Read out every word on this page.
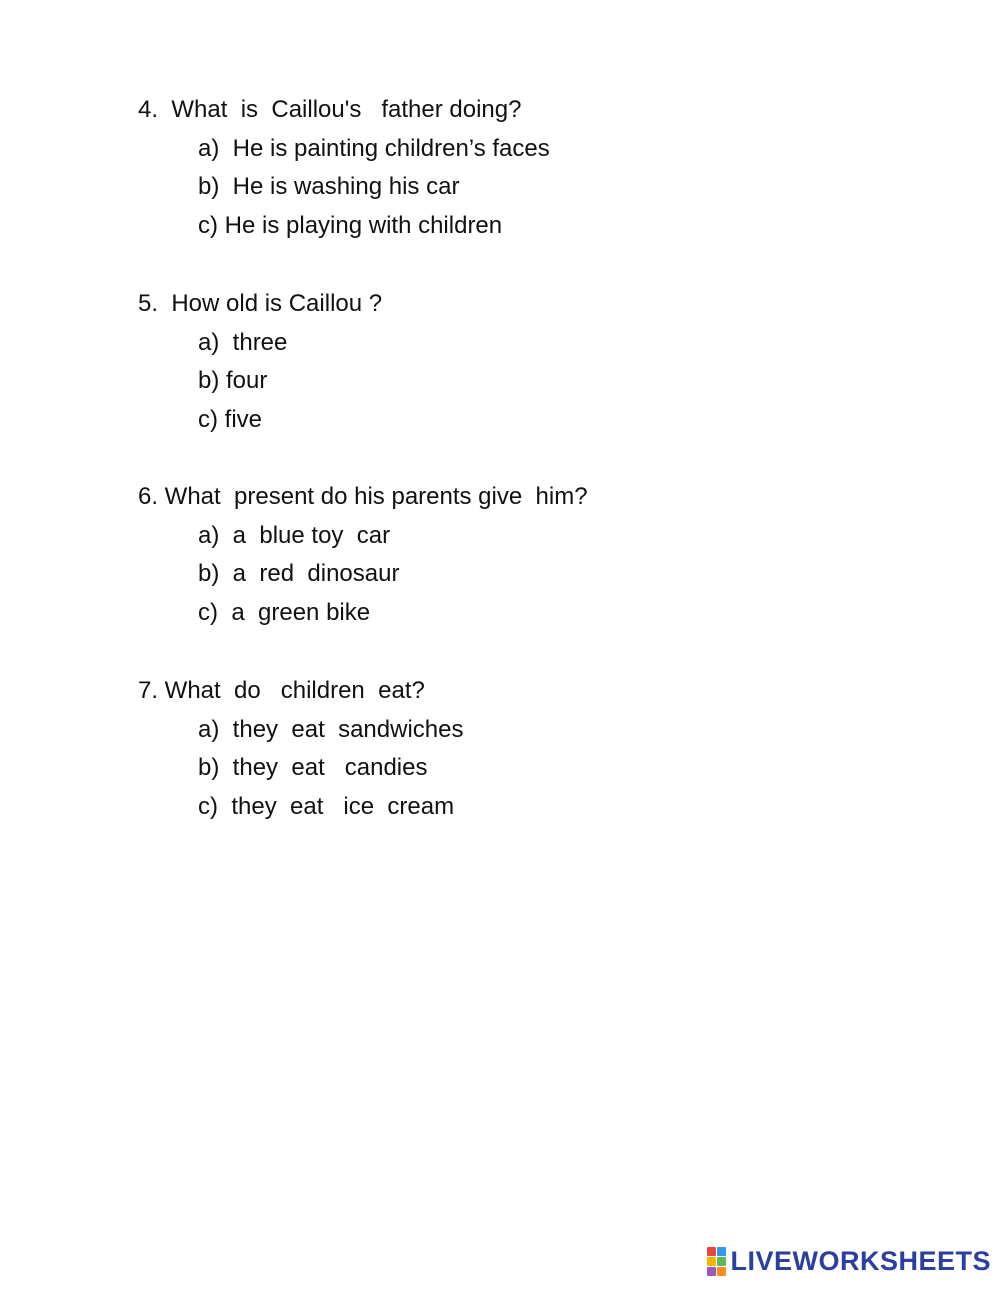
4.  What  is  Caillou's   father doing?

a)  He is painting children’s faces
b)  He is washing his car
c) He is playing with children

5.  How old is Caillou ?

a)  three
b) four
c) five

6. What  present do his parents give  him?

a)  a  blue toy  car
b)  a  red  dinosaur
c)  a  green bike

7. What  do   children  eat?

a)  they  eat  sandwiches
b)  they  eat   candies
c)  they  eat   ice  cream
LIVEWORKSHEETS
